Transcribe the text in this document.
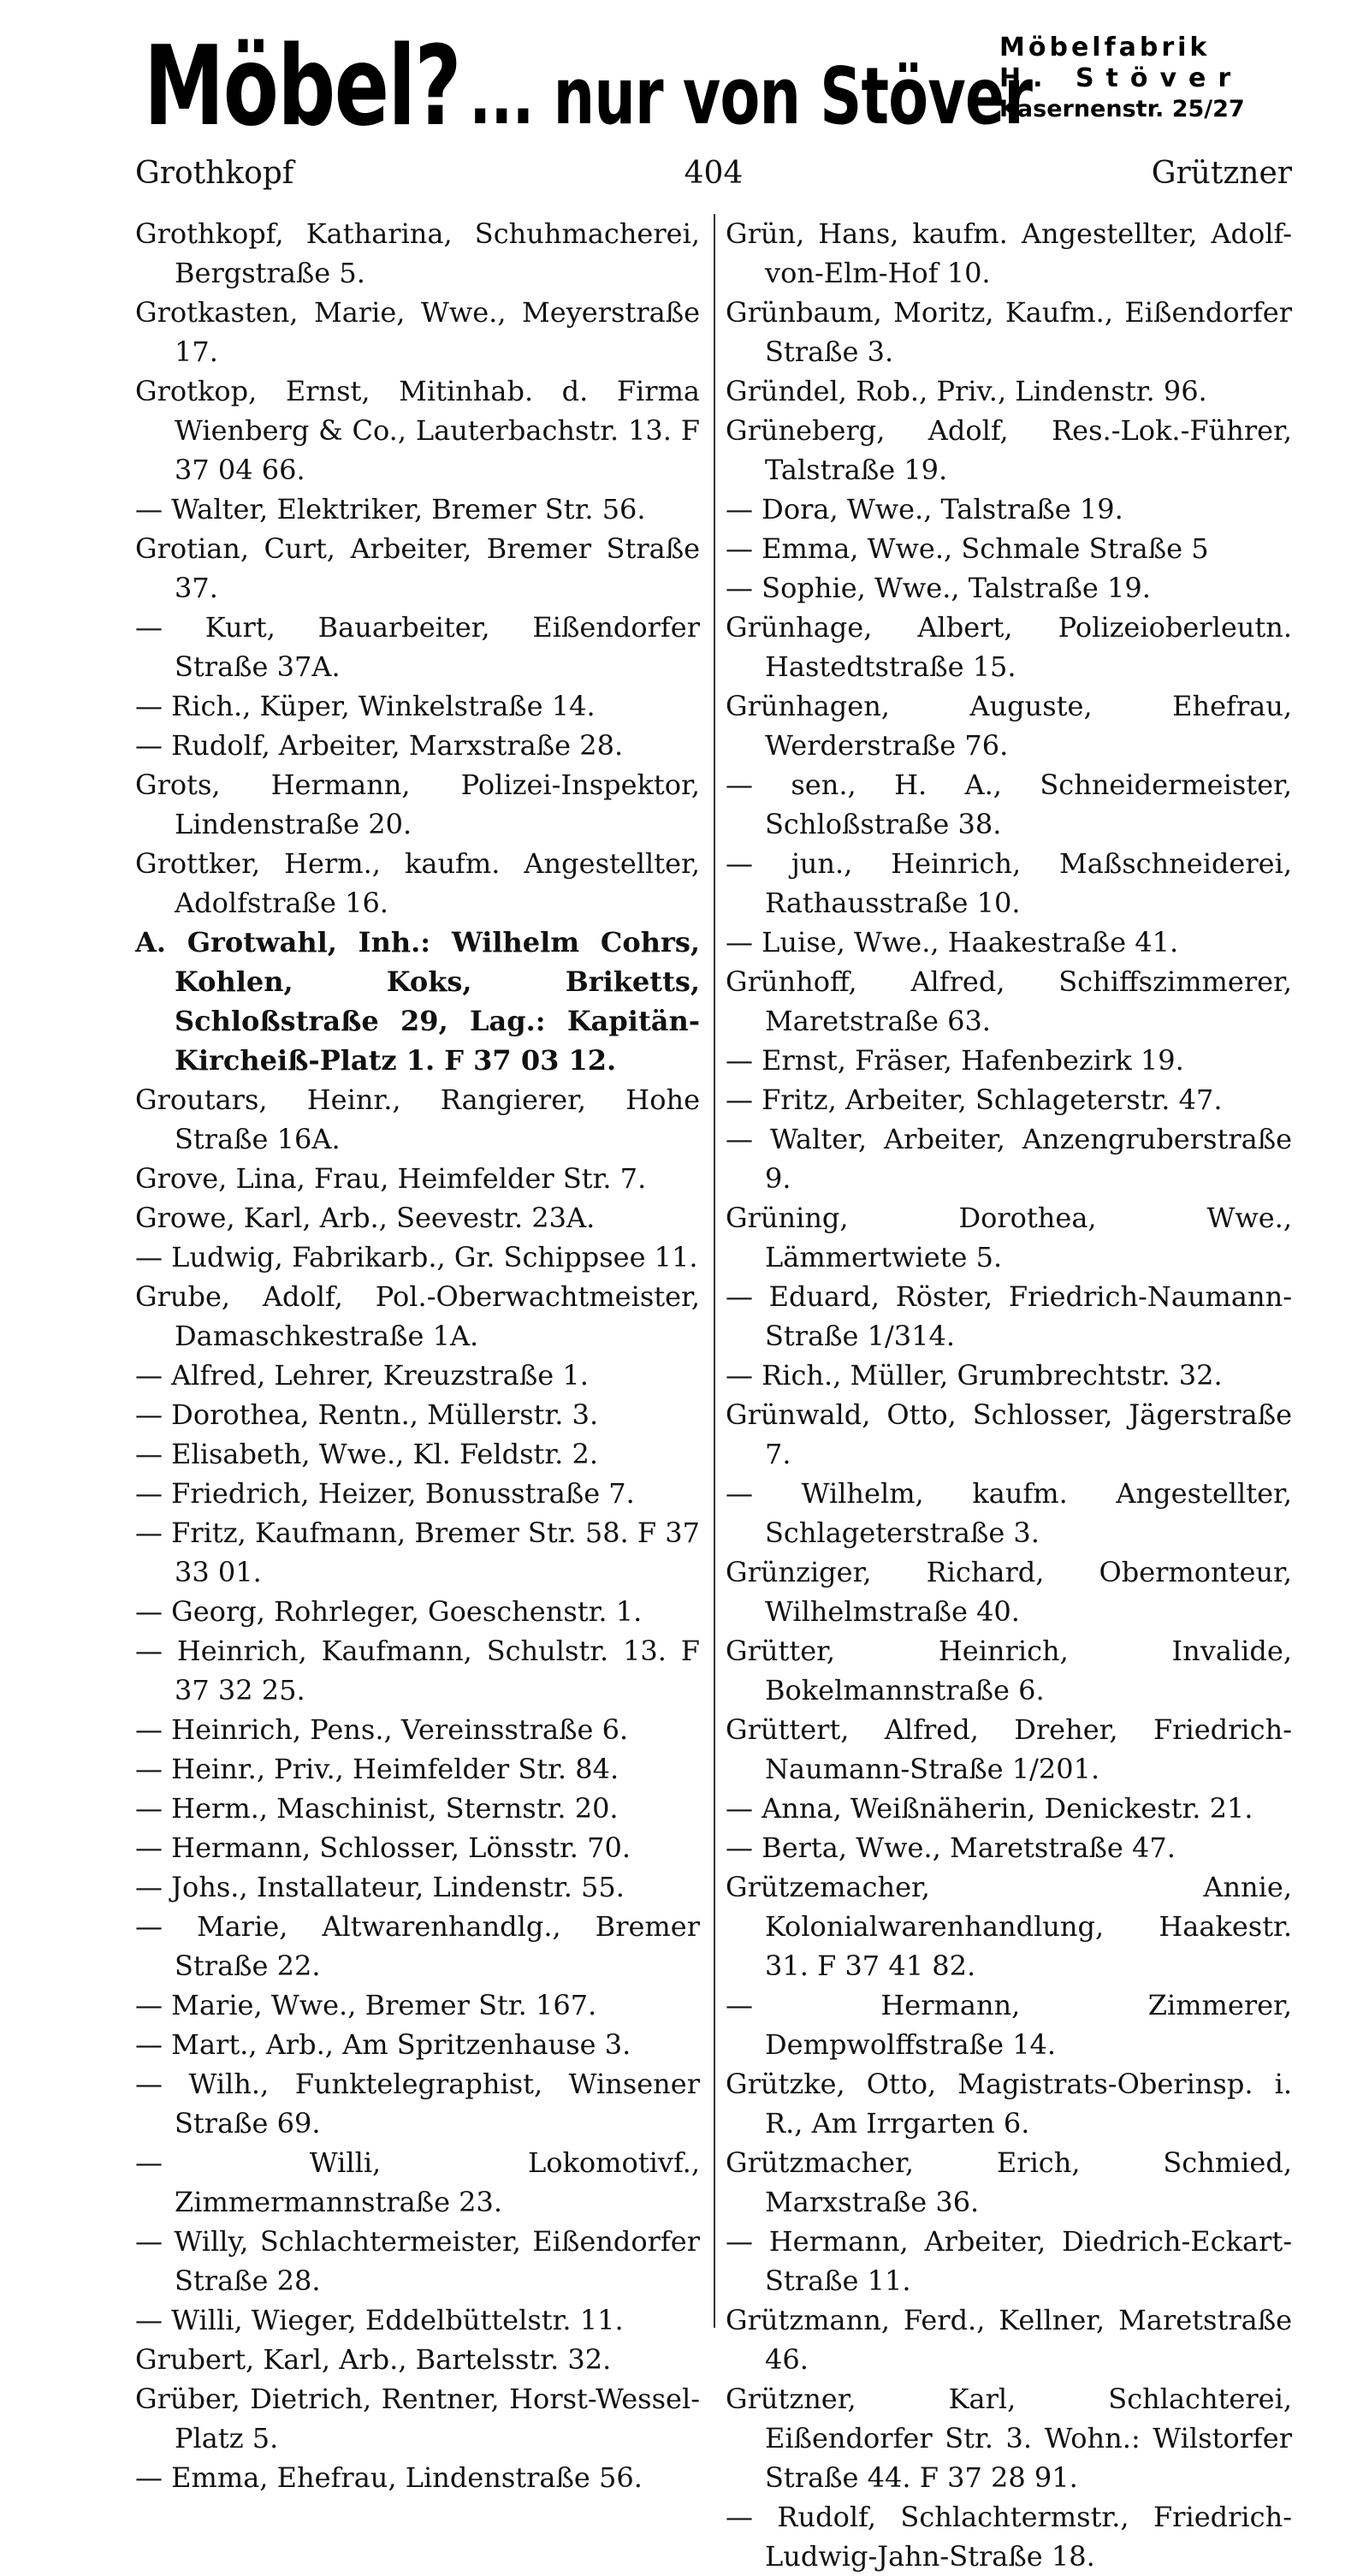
Möbel? ... nur von Stöver
Möbelfabrik
H. Stöver
Kasernenstr. 25/27
Grothkopf	404	Grützner

Grothkopf, Katharina, Schuhmacherei, Bergstraße 5.

Grotkasten, Marie, Wwe., Meyerstraße 17.

Grotkop, Ernst, Mitinhab. d. Firma Wienberg & Co., Lauterbachstr. 13. F 37 04 66.

— Walter, Elektriker, Bremer Str. 56.

Grotian, Curt, Arbeiter, Bremer Straße 37.

— Kurt, Bauarbeiter, Eißendorfer Straße 37A.

— Rich., Küper, Winkelstraße 14.

— Rudolf, Arbeiter, Marxstraße 28.

Grots, Hermann, Polizei-Inspektor, Lindenstraße 20.

Grottker, Herm., kaufm. Angestellter, Adolfstraße 16.

A. Grotwahl, Inh.: Wilhelm Cohrs, Kohlen, Koks, Briketts, Schloßstraße 29, Lag.: Kapitän-Kircheiß-Platz 1. F 37 03 12.

Groutars, Heinr., Rangierer, Hohe Straße 16A.

Grove, Lina, Frau, Heimfelder Str. 7.

Growe, Karl, Arb., Seevestr. 23A.

— Ludwig, Fabrikarb., Gr. Schippsee 11.

Grube, Adolf, Pol.-Oberwachtmeister, Damaschkestraße 1A.

— Alfred, Lehrer, Kreuzstraße 1.

— Dorothea, Rentn., Müllerstr. 3.

— Elisabeth, Wwe., Kl. Feldstr. 2.

— Friedrich, Heizer, Bonusstraße 7.

— Fritz, Kaufmann, Bremer Str. 58. F 37 33 01.

— Georg, Rohrleger, Goeschenstr. 1.

— Heinrich, Kaufmann, Schulstr. 13. F 37 32 25.

— Heinrich, Pens., Vereinsstraße 6.

— Heinr., Priv., Heimfelder Str. 84.

— Herm., Maschinist, Sternstr. 20.

— Hermann, Schlosser, Lönsstr. 70.

— Johs., Installateur, Lindenstr. 55.

— Marie, Altwarenhandlg., Bremer Straße 22.

— Marie, Wwe., Bremer Str. 167.

— Mart., Arb., Am Spritzenhause 3.

— Wilh., Funktelegraphist, Winsener Straße 69.

— Willi, Lokomotivf., Zimmermannstraße 23.

— Willy, Schlachtermeister, Eißendorfer Straße 28.

— Willi, Wieger, Eddelbüttelstr. 11.

Grubert, Karl, Arb., Bartelsstr. 32.

Grüber, Dietrich, Rentner, Horst-Wessel-Platz 5.

— Emma, Ehefrau, Lindenstraße 56.

Grün, Hans, kaufm. Angestellter, Adolf-von-Elm-Hof 10.

Grünbaum, Moritz, Kaufm., Eißendorfer Straße 3.

Gründel, Rob., Priv., Lindenstr. 96.

Grüneberg, Adolf, Res.-Lok.-Führer, Talstraße 19.

— Dora, Wwe., Talstraße 19.

— Emma, Wwe., Schmale Straße 5

— Sophie, Wwe., Talstraße 19.

Grünhage, Albert, Polizeioberleutn. Hastedtstraße 15.

Grünhagen, Auguste, Ehefrau, Werderstraße 76.

— sen., H. A., Schneidermeister, Schloßstraße 38.

— jun., Heinrich, Maßschneiderei, Rathausstraße 10.

— Luise, Wwe., Haakestraße 41.

Grünhoff, Alfred, Schiffszimmerer, Maretstraße 63.

— Ernst, Fräser, Hafenbezirk 19.

— Fritz, Arbeiter, Schlageterstr. 47.

— Walter, Arbeiter, Anzengruberstraße 9.

Grüning, Dorothea, Wwe., Lämmertwiete 5.

— Eduard, Röster, Friedrich-Naumann-Straße 1/314.

— Rich., Müller, Grumbrechtstr. 32.

Grünwald, Otto, Schlosser, Jägerstraße 7.

— Wilhelm, kaufm. Angestellter, Schlageterstraße 3.

Grünziger, Richard, Obermonteur, Wilhelmstraße 40.

Grütter, Heinrich, Invalide, Bokelmannstraße 6.

Grüttert, Alfred, Dreher, Friedrich-Naumann-Straße 1/201.

— Anna, Weißnäherin, Denickestr. 21.

— Berta, Wwe., Maretstraße 47.

Grützemacher, Annie, Kolonialwarenhandlung, Haakestr. 31. F 37 41 82.

— Hermann, Zimmerer, Dempwolffstraße 14.

Grützke, Otto, Magistrats-Oberinsp. i. R., Am Irrgarten 6.

Grützmacher, Erich, Schmied, Marxstraße 36.

— Hermann, Arbeiter, Diedrich-Eckart-Straße 11.

Grützmann, Ferd., Kellner, Maretstraße 46.

Grützner, Karl, Schlachterei, Eißendorfer Str. 3. Wohn.: Wilstorfer Straße 44. F 37 28 91.

— Rudolf, Schlachtermstr., Friedrich-Ludwig-Jahn-Straße 18.
